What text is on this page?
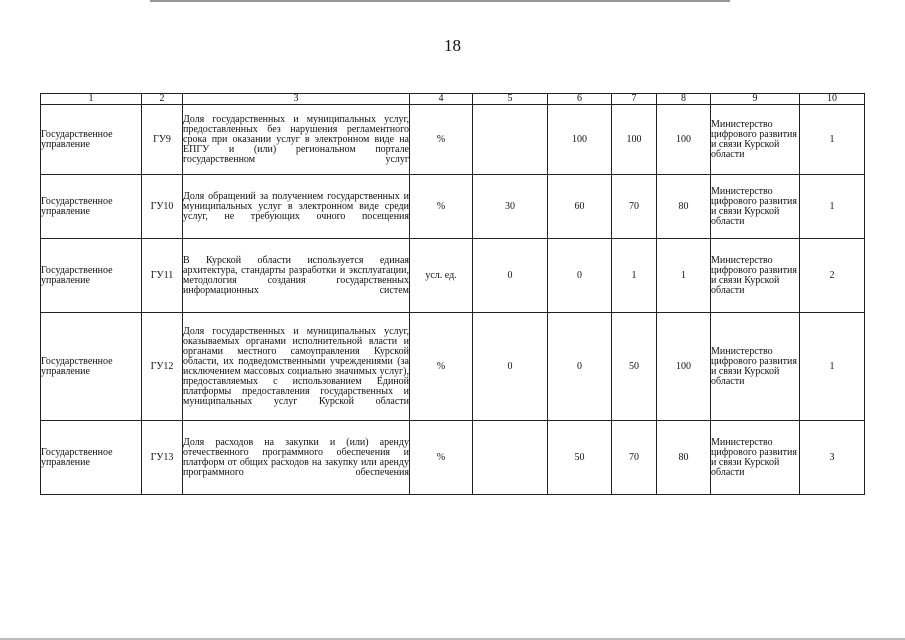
18
1	2	3	4	5	6	7	8	9	10
Государственное управление	ГУ9	Доля государственных и муниципальных услуг, предоставленных без нарушения регламентного срока при оказании услуг в электронном виде на ЕПГУ и (или) региональном портале государственном услуг	%		100	100	100	Министерство цифрового развития и связи Курской области	1
Государственное управление	ГУ10	Доля обращений за получением государственных и муниципальных услуг в электронном виде среди услуг, не требующих очного посещения	%	30	60	70	80	Министерство цифрового развития и связи Курской области	1
Государственное управление	ГУ11	В Курской области используется единая архитектура, стандарты разработки и эксплуатации, методология создания государственных информационных систем	усл. ед.	0	0	1	1	Министерство цифрового развития и связи Курской области	2
Государственное управление	ГУ12	Доля государственных и муниципальных услуг, оказываемых органами исполнительной власти и органами местного самоуправления Курской области, их подведомственными учреждениями (за исключением массовых социально значимых услуг), предоставляемых с использованием Единой платформы предоставления государственных и муниципальных услуг Курской области	%	0	0	50	100	Министерство цифрового развития и связи Курской области	1
Государственное управление	ГУ13	Доля расходов на закупки и (или) аренду отечественного программного обеспечения и платформ от общих расходов на закупку или аренду программного обеспечения	%		50	70	80	Министерство цифрового развития и связи Курской области	3
